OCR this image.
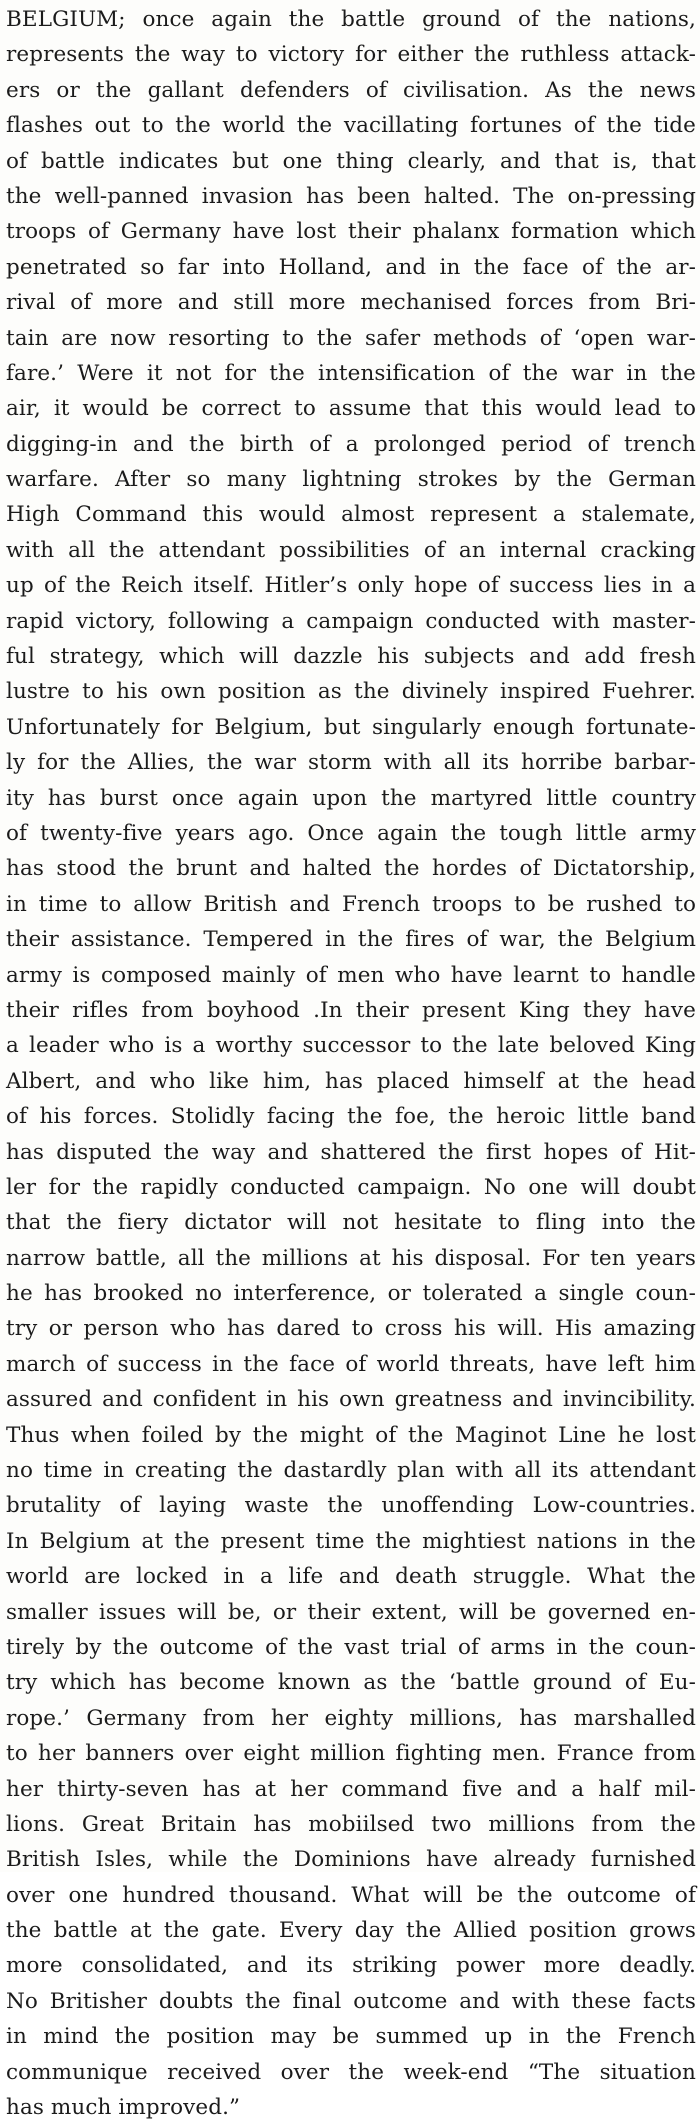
BELGIUM; once again the battle ground of the nations,
represents the way to victory for either the ruthless attack-
ers or the gallant defenders of civilisation. As the news
flashes out to the world the vacillating fortunes of the tide
of battle indicates but one thing clearly, and that is, that
the well-panned invasion has been halted. The on-pressing
troops of Germany have lost their phalanx formation which
penetrated so far into Holland, and in the face of the ar-
rival of more and still more mechanised forces from Bri-
tain are now resorting to the safer methods of ‘open war-
fare.’ Were it not for the intensification of the war in the
air, it would be correct to assume that this would lead to
digging-in and the birth of a prolonged period of trench
warfare. After so many lightning strokes by the German
High Command this would almost represent a stalemate,
with all the attendant possibilities of an internal cracking
up of the Reich itself. Hitler’s only hope of success lies in a
rapid victory, following a campaign conducted with master-
ful strategy, which will dazzle his subjects and add fresh
lustre to his own position as the divinely inspired Fuehrer.
Unfortunately for Belgium, but singularly enough fortunate-
ly for the Allies, the war storm with all its horribe barbar-
ity has burst once again upon the martyred little country
of twenty-five years ago. Once again the tough little army
has stood the brunt and halted the hordes of Dictatorship,
in time to allow British and French troops to be rushed to
their assistance. Tempered in the fires of war, the Belgium
army is composed mainly of men who have learnt to handle
their rifles from boyhood .In their present King they have
a leader who is a worthy successor to the late beloved King
Albert, and who like him, has placed himself at the head
of his forces. Stolidly facing the foe, the heroic little band
has disputed the way and shattered the first hopes of Hit-
ler for the rapidly conducted campaign. No one will doubt
that the fiery dictator will not hesitate to fling into the
narrow battle, all the millions at his disposal. For ten years
he has brooked no interference, or tolerated a single coun-
try or person who has dared to cross his will. His amazing
march of success in the face of world threats, have left him
assured and confident in his own greatness and invincibility.
Thus when foiled by the might of the Maginot Line he lost
no time in creating the dastardly plan with all its attendant
brutality of laying waste the unoffending Low-countries.
In Belgium at the present time the mightiest nations in the
world are locked in a life and death struggle. What the
smaller issues will be, or their extent, will be governed en-
tirely by the outcome of the vast trial of arms in the coun-
try which has become known as the ‘battle ground of Eu-
rope.’ Germany from her eighty millions, has marshalled
to her banners over eight million fighting men. France from
her thirty-seven has at her command five and a half mil-
lions. Great Britain has mobiilsed two millions from the
British Isles, while the Dominions have already furnished
over one hundred thousand. What will be the outcome of
the battle at the gate. Every day the Allied position grows
more consolidated, and its striking power more deadly.
No Britisher doubts the final outcome and with these facts
in mind the position may be summed up in the French
communique received over the week-end “The situation
has much improved.”
